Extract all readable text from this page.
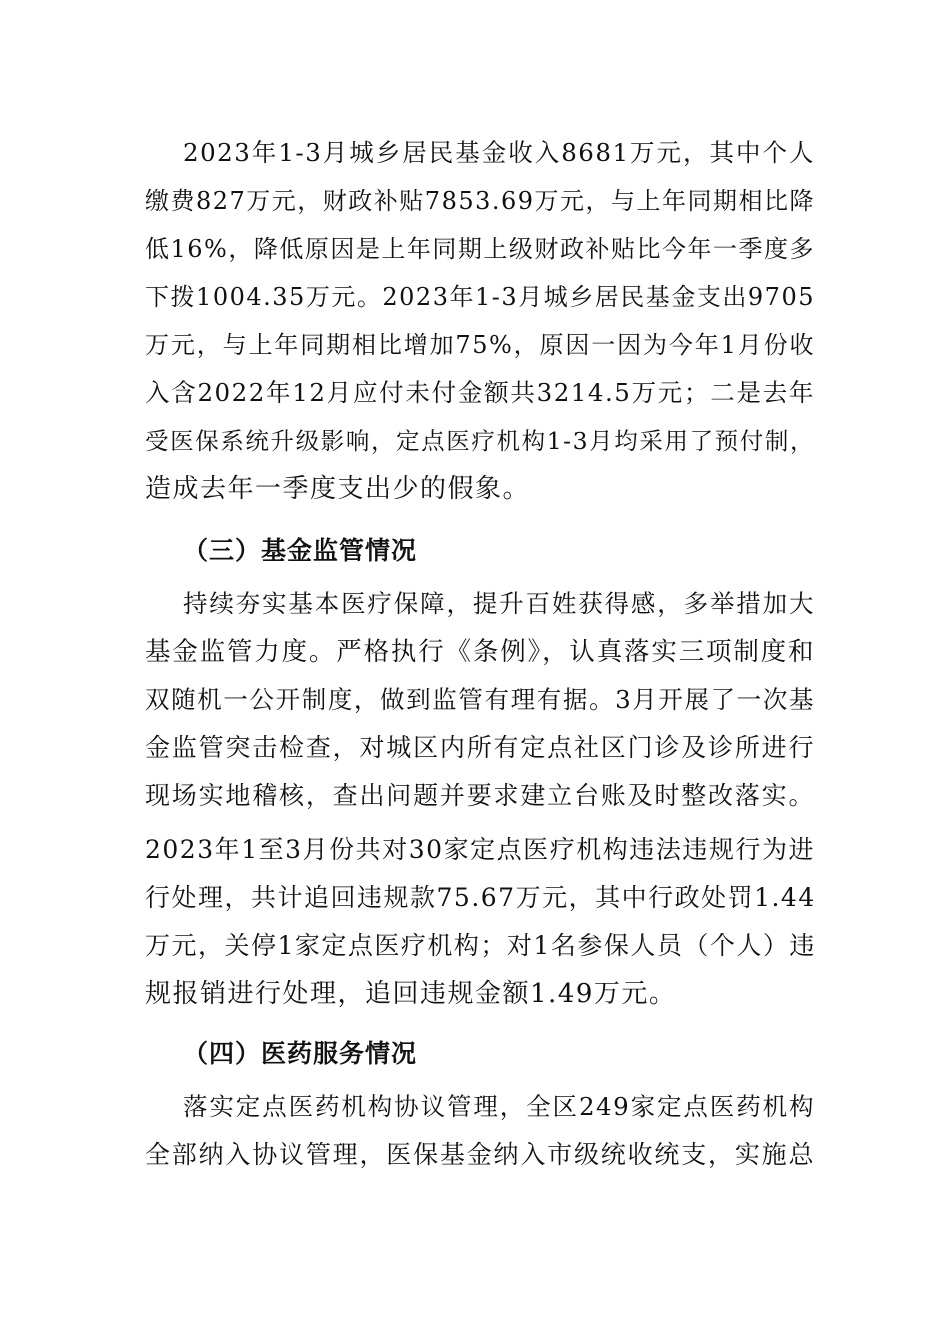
2023年1-3月城乡居民基金收入8681万元，其中个人
缴费827万元，财政补贴7853.69万元，与上年同期相比降
低16%，降低原因是上年同期上级财政补贴比今年一季度多
下拨1004.35万元。2023年1-3月城乡居民基金支出9705
万元，与上年同期相比增加75%，原因一因为今年1月份收
入含2022年12月应付未付金额共3214.5万元；二是去年
受医保系统升级影响，定点医疗机构1-3月均采用了预付制，
造成去年一季度支出少的假象。
（三）基金监管情况
持续夯实基本医疗保障，提升百姓获得感，多举措加大
基金监管力度。严格执行《条例》，认真落实三项制度和
双随机一公开制度，做到监管有理有据。3月开展了一次基
金监管突击检查，对城区内所有定点社区门诊及诊所进行
现场实地稽核，查出问题并要求建立台账及时整改落实。
2023年1至3月份共对30家定点医疗机构违法违规行为进
行处理，共计追回违规款75.67万元，其中行政处罚1.44
万元，关停1家定点医疗机构；对1名参保人员（个人）违
规报销进行处理，追回违规金额1.49万元。
（四）医药服务情况
落实定点医药机构协议管理，全区249家定点医药机构
全部纳入协议管理，医保基金纳入市级统收统支，实施总
